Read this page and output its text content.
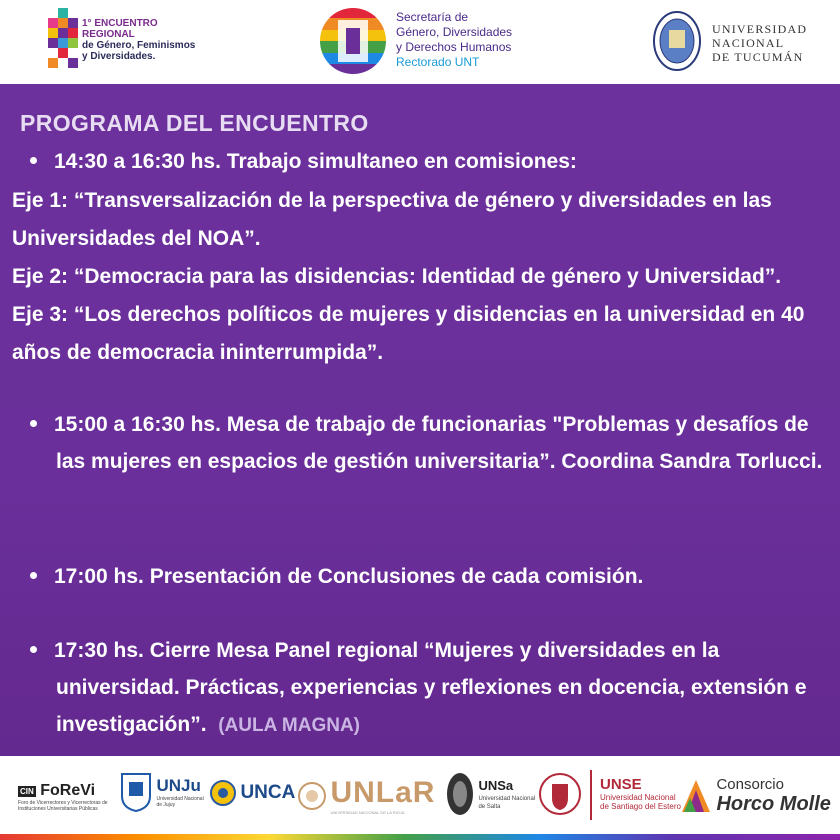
1° ENCUENTRO REGIONAL
de Género, Feminismos
y Diversidades.
Secretaría de
Género, Diversidades
y Derechos Humanos
Rectorado UNT
UNIVERSIDAD
NACIONAL
DE TUCUMÁN
PROGRAMA DEL ENCUENTRO
14:30 a 16:30 hs. Trabajo simultaneo en comisiones:

Eje 1: “Transversalización de la perspectiva de género y diversidades en las Universidades del NOA”.

Eje 2: “Democracia para las disidencias: Identidad de género y Universidad”.

Eje 3: “Los derechos políticos de mujeres y disidencias en la universidad en 40 años de democracia ininterrumpida”.

15:00 a 16:30 hs. Mesa de trabajo de funcionarias "Problemas y desafíos de las mujeres en espacios de gestión universitaria”. Coordina Sandra Torlucci.
17:00 hs. Presentación de Conclusiones de cada comisión.
17:30 hs. Cierre Mesa Panel regional “Mujeres y diversidades en la universidad. Prácticas, experiencias y reflexiones en docencia, extensión e investigación”. (AULA MAGNA)
CIN FoReVi
Foro de Vicerrectores y Vicerrectoras de Instituciones Universitarias Públicas
UNJu
Universidad Nacional de Jujuy
UNCA	UNLaR
UNIVERSIDAD NACIONAL DE LA RIOJA
UNSa
Universidad Nacional de Salta
UNSE
Universidad Nacional de Santiago del Estero

Consorcio
Horco Molle
